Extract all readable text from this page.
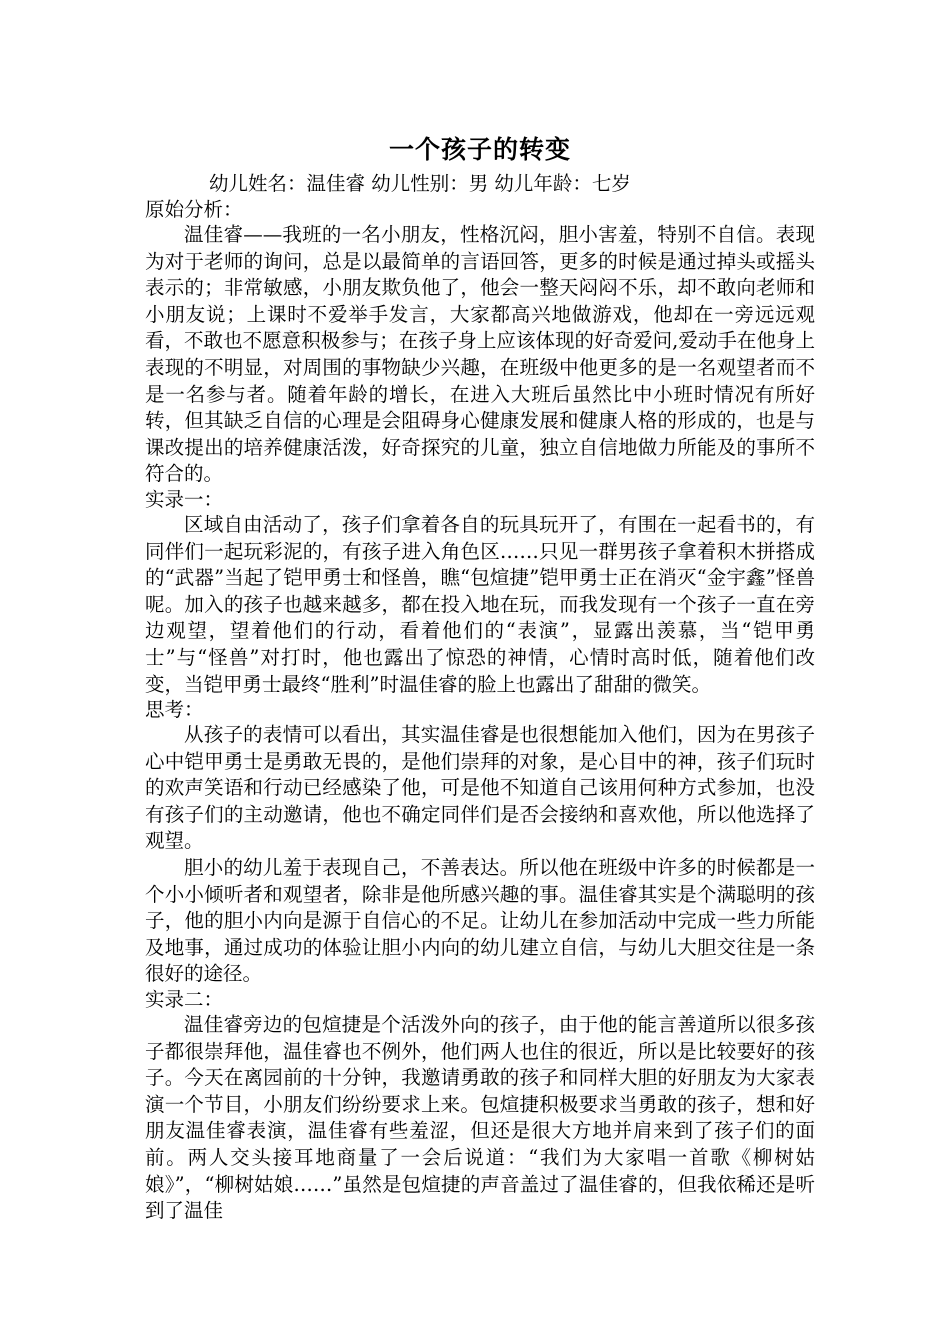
一个孩子的转变

幼儿姓名：温佳睿 幼儿性别：男 幼儿年龄：七岁

原始分析：

温佳睿——我班的一名小朋友，性格沉闷，胆小害羞，特别不自信。表现为对于老师的询问，总是以最简单的言语回答，更多的时候是通过掉头或摇头表示的；非常敏感，小朋友欺负他了，他会一整天闷闷不乐，却不敢向老师和小朋友说；上课时不爱举手发言，大家都高兴地做游戏，他却在一旁远远观看，不敢也不愿意积极参与；在孩子身上应该体现的好奇爱问,爱动手在他身上表现的不明显，对周围的事物缺少兴趣，在班级中他更多的是一名观望者而不是一名参与者。随着年龄的增长，在进入大班后虽然比中小班时情况有所好转，但其缺乏自信的心理是会阻碍身心健康发展和健康人格的形成的，也是与课改提出的培养健康活泼，好奇探究的儿童，独立自信地做力所能及的事所不符合的。

实录一：

区域自由活动了，孩子们拿着各自的玩具玩开了，有围在一起看书的，有同伴们一起玩彩泥的，有孩子进入角色区……只见一群男孩子拿着积木拼搭成的“武器”当起了铠甲勇士和怪兽，瞧“包煊捷”铠甲勇士正在消灭“金宇鑫”怪兽呢。加入的孩子也越来越多，都在投入地在玩，而我发现有一个孩子一直在旁边观望，望着他们的行动，看着他们的“表演”，显露出羡慕，当“铠甲勇士”与“怪兽”对打时，他也露出了惊恐的神情，心情时高时低，随着他们改变，当铠甲勇士最终“胜利”时温佳睿的脸上也露出了甜甜的微笑。

思考：

从孩子的表情可以看出，其实温佳睿是也很想能加入他们，因为在男孩子心中铠甲勇士是勇敢无畏的，是他们崇拜的对象，是心目中的神，孩子们玩时的欢声笑语和行动已经感染了他，可是他不知道自己该用何种方式参加，也没有孩子们的主动邀请，他也不确定同伴们是否会接纳和喜欢他，所以他选择了观望。

胆小的幼儿羞于表现自己，不善表达。所以他在班级中许多的时候都是一个小小倾听者和观望者，除非是他所感兴趣的事。温佳睿其实是个满聪明的孩子，他的胆小内向是源于自信心的不足。让幼儿在参加活动中完成一些力所能及地事，通过成功的体验让胆小内向的幼儿建立自信，与幼儿大胆交往是一条很好的途径。

实录二：

温佳睿旁边的包煊捷是个活泼外向的孩子，由于他的能言善道所以很多孩子都很崇拜他，温佳睿也不例外，他们两人也住的很近，所以是比较要好的孩子。今天在离园前的十分钟，我邀请勇敢的孩子和同样大胆的好朋友为大家表演一个节目，小朋友们纷纷要求上来。包煊捷积极要求当勇敢的孩子，想和好朋友温佳睿表演，温佳睿有些羞涩，但还是很大方地并肩来到了孩子们的面前。两人交头接耳地商量了一会后说道：“我们为大家唱一首歌《柳树姑娘》”，“柳树姑娘……”虽然是包煊捷的声音盖过了温佳睿的，但我依稀还是听到了温佳
